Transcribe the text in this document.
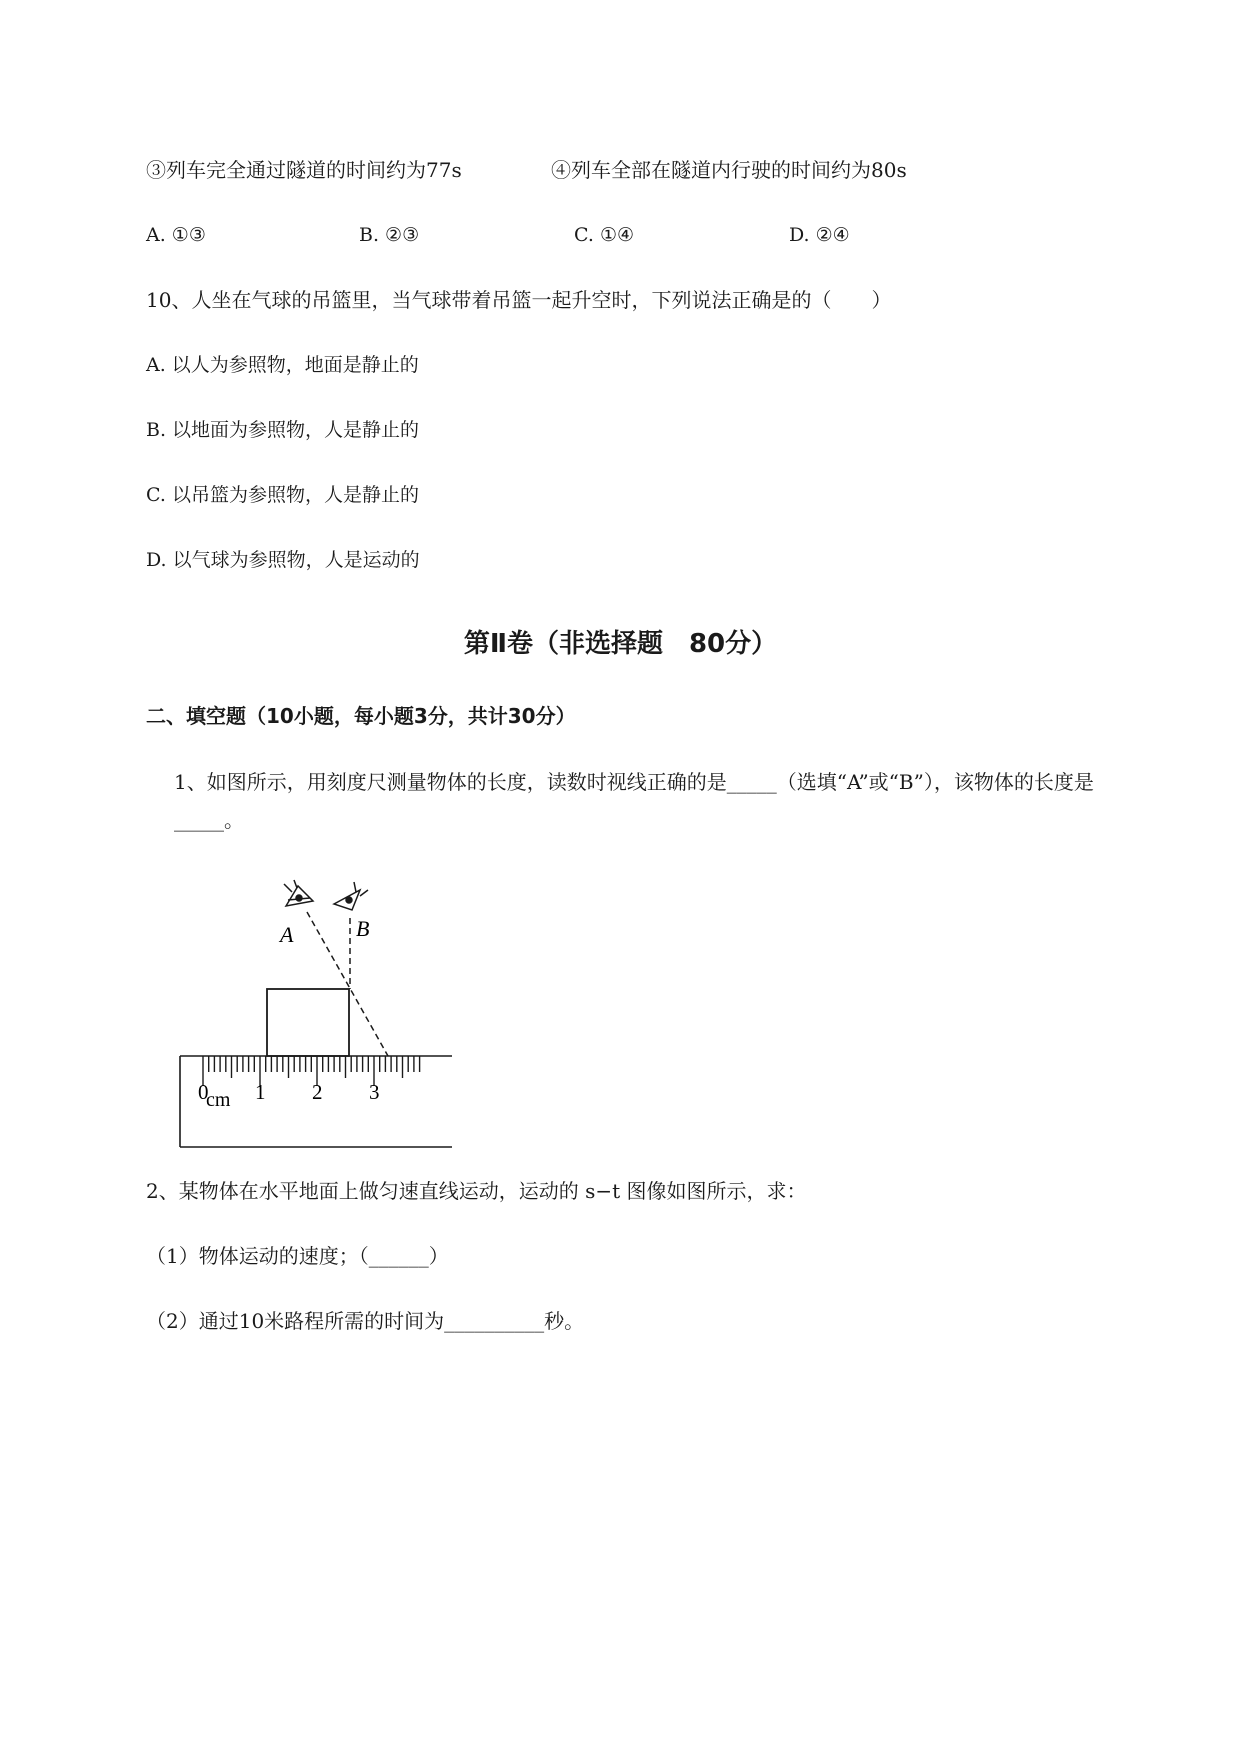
③列车完全通过隧道的时间约为77s	④列车全部在隧道内行驶的时间约为80s
A. ①③	B. ②③	C. ①④	D. ②④
10、人坐在气球的吊篮里，当气球带着吊篮一起升空时，下列说法正确是的（　　）
A. 以人为参照物，地面是静止的
B. 以地面为参照物，人是静止的
C. 以吊篮为参照物，人是静止的
D. 以气球为参照物，人是运动的
第Ⅱ卷（非选择题　80分）
二、填空题（10小题，每小题3分，共计30分）
1、如图所示，用刻度尺测量物体的长度，读数时视线正确的是_____（选填“A”或“B”），该物体的长度是_____。
A	B
0 1 2 3
cm
2、某物体在水平地面上做匀速直线运动，运动的 s−t 图像如图所示，求：
（1）物体运动的速度；（______）
（2）通过10米路程所需的时间为__________秒。
